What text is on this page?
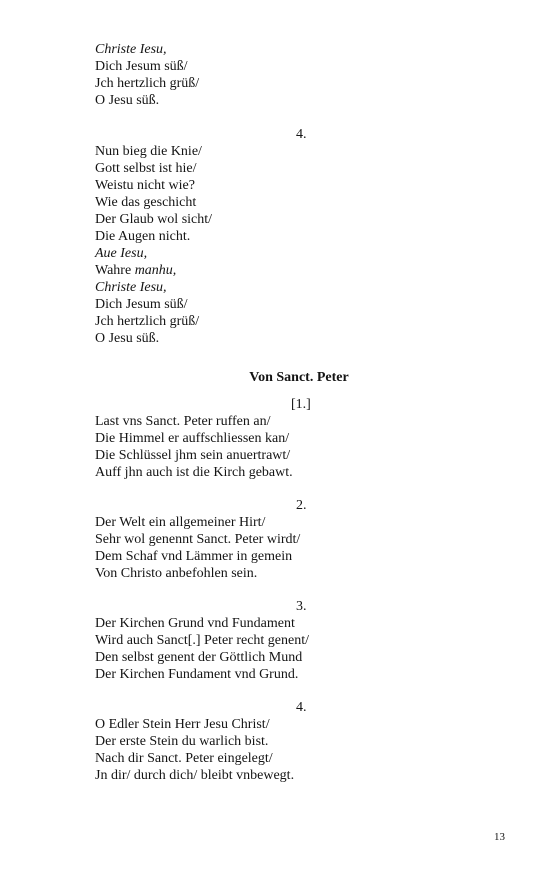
Christe Iesu,
Dich Jesum süß/
Jch hertzlich grüß/
O Jesu süß.
4.
Nun bieg die Knie/
Gott selbst ist hie/
Weistu nicht wie?
Wie das geschicht
Der Glaub wol sicht/
Die Augen nicht.
Aue Iesu,
Wahre manhu,
Christe Iesu,
Dich Jesum süß/
Jch hertzlich grüß/
O Jesu süß.
Von Sanct. Peter
[1.]
Last vns Sanct. Peter ruffen an/
Die Himmel er auffschliessen kan/
Die Schlüssel jhm sein anuertrawt/
Auff jhn auch ist die Kirch gebawt.
2.
Der Welt ein allgemeiner Hirt/
Sehr wol genennt Sanct. Peter wirdt/
Dem Schaf vnd Lämmer in gemein
Von Christo anbefohlen sein.
3.
Der Kirchen Grund vnd Fundament
Wird auch Sanct[.] Peter recht genent/
Den selbst genent der Göttlich Mund
Der Kirchen Fundament vnd Grund.
4.
O Edler Stein Herr Jesu Christ/
Der erste Stein du warlich bist.
Nach dir Sanct. Peter eingelegt/
Jn dir/ durch dich/ bleibt vnbewegt.
13
